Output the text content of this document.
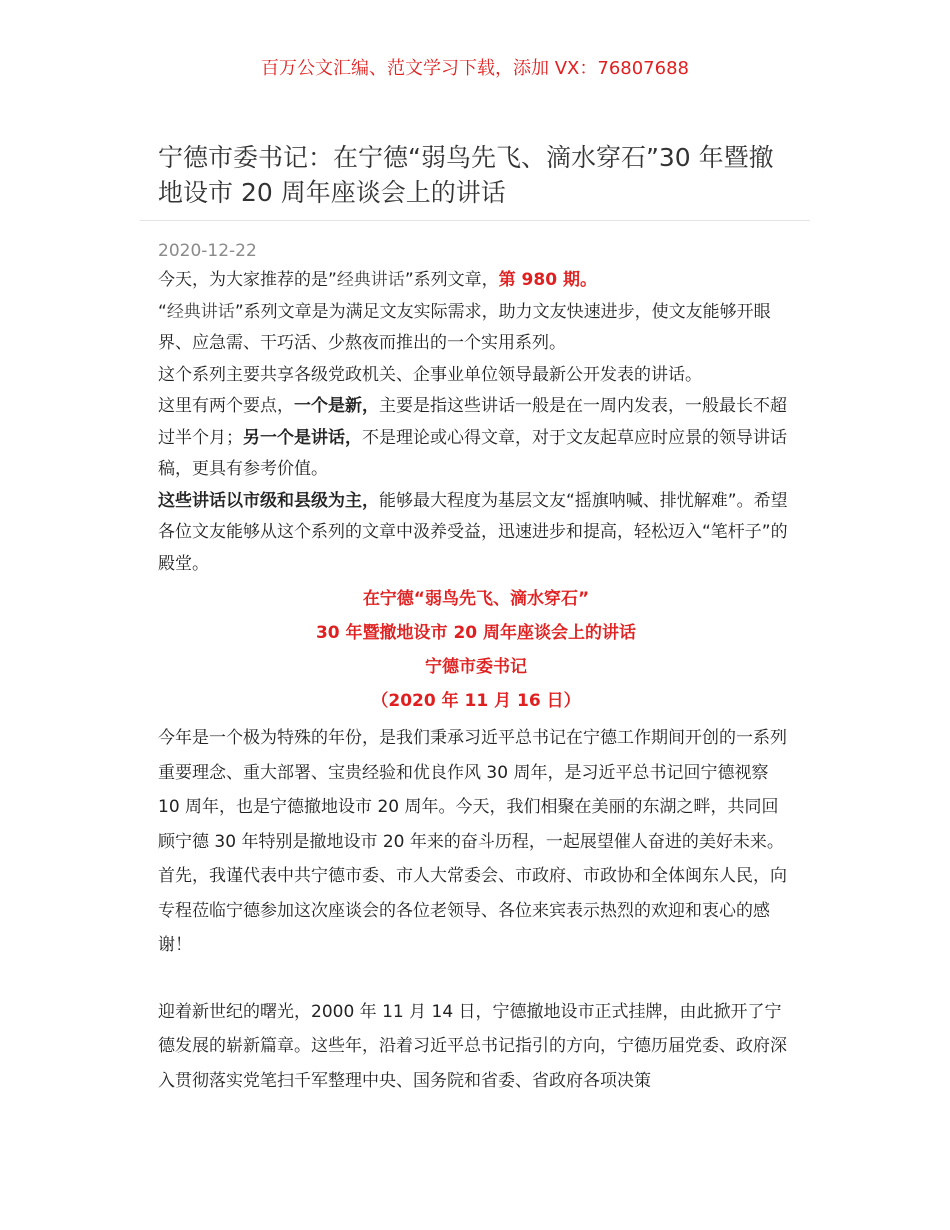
百万公文汇编、范文学习下载，添加 VX：76807688
宁德市委书记：在宁德“弱鸟先飞、滴水穿石”30 年暨撤地设市 20 周年座谈会上的讲话
2020-12-22

今天，为大家推荐的是”经典讲话”系列文章，第 980 期。

“经典讲话”系列文章是为满足文友实际需求，助力文友快速进步，使文友能够开眼界、应急需、干巧活、少熬夜而推出的一个实用系列。

这个系列主要共享各级党政机关、企事业单位领导最新公开发表的讲话。

这里有两个要点，一个是新，主要是指这些讲话一般是在一周内发表，一般最长不超过半个月；另一个是讲话，不是理论或心得文章，对于文友起草应时应景的领导讲话稿，更具有参考价值。

这些讲话以市级和县级为主，能够最大程度为基层文友“摇旗呐喊、排忧解难”。希望各位文友能够从这个系列的文章中汲养受益，迅速进步和提高，轻松迈入“笔杆子”的殿堂。

在宁德“弱鸟先飞、滴水穿石”

30 年暨撤地设市 20 周年座谈会上的讲话

宁德市委书记

（2020 年 11 月 16 日）

今年是一个极为特殊的年份，是我们秉承习近平总书记在宁德工作期间开创的一系列重要理念、重大部署、宝贵经验和优良作风 30 周年，是习近平总书记回宁德视察 10 周年，也是宁德撤地设市 20 周年。今天，我们相聚在美丽的东湖之畔，共同回顾宁德 30 年特别是撤地设市 20 年来的奋斗历程，一起展望催人奋进的美好未来。首先，我谨代表中共宁德市委、市人大常委会、市政府、市政协和全体闽东人民，向专程莅临宁德参加这次座谈会的各位老领导、各位来宾表示热烈的欢迎和衷心的感谢！

迎着新世纪的曙光，2000 年 11 月 14 日，宁德撤地设市正式挂牌，由此掀开了宁德发展的崭新篇章。这些年，沿着习近平总书记指引的方向，宁德历届党委、政府深入贯彻落实党笔扫千军整理中央、国务院和省委、省政府各项决策
